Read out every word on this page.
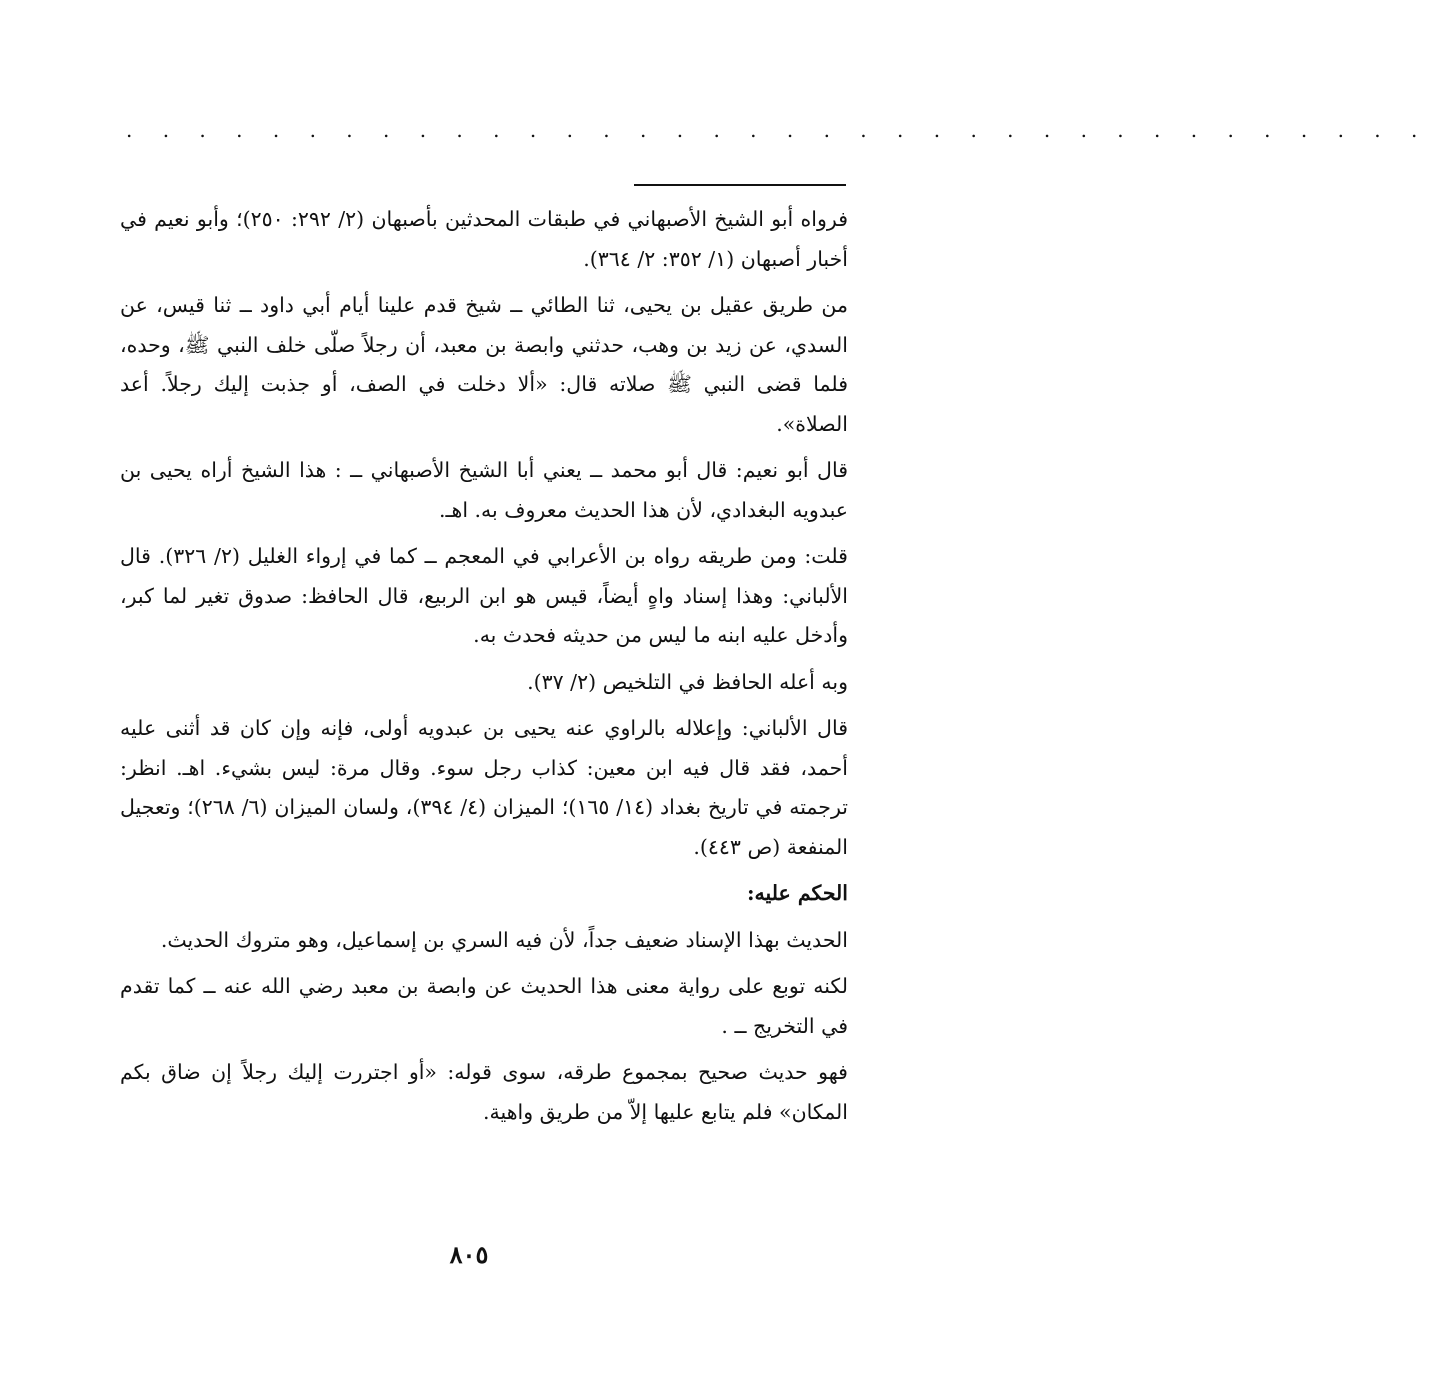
. . . . . . . . . . . . . . . . . . . . . . . . . . . . . . . . . . . .

فرواه أبو الشيخ الأصبهاني في طبقات المحدثين بأصبهان (٢/ ٢٩٢: ٢٥٠)؛ وأبو نعيم في أخبار أصبهان (١/ ٣٥٢: ٢/ ٣٦٤).

من طريق عقيل بن يحيى، ثنا الطائي ــ شيخ قدم علينا أيام أبي داود ــ ثنا قيس، عن السدي، عن زيد بن وهب، حدثني وابصة بن معبد، أن رجلاً صلّى خلف النبي ﷺ، وحده، فلما قضى النبي ﷺ صلاته قال: «ألا دخلت في الصف، أو جذبت إليك رجلاً. أعد الصلاة».

قال أبو نعيم: قال أبو محمد ــ يعني أبا الشيخ الأصبهاني ــ : هذا الشيخ أراه يحيى بن عبدويه البغدادي، لأن هذا الحديث معروف به. اهـ.

قلت: ومن طريقه رواه بن الأعرابي في المعجم ــ كما في إرواء الغليل (٢/ ٣٢٦). قال الألباني: وهذا إسناد واهٍ أيضاً، قيس هو ابن الربيع، قال الحافظ: صدوق تغير لما كبر، وأدخل عليه ابنه ما ليس من حديثه فحدث به.

وبه أعله الحافظ في التلخيص (٢/ ٣٧).

قال الألباني: وإعلاله بالراوي عنه يحيى بن عبدويه أولى، فإنه وإن كان قد أثنى عليه أحمد، فقد قال فيه ابن معين: كذاب رجل سوء. وقال مرة: ليس بشيء. اهـ. انظر: ترجمته في تاريخ بغداد (١٤/ ١٦٥)؛ الميزان (٤/ ٣٩٤)، ولسان الميزان (٦/ ٢٦٨)؛ وتعجيل المنفعة (ص ٤٤٣).

الحكم عليه:

الحديث بهذا الإسناد ضعيف جداً، لأن فيه السري بن إسماعيل، وهو متروك الحديث.

لكنه توبع على رواية معنى هذا الحديث عن وابصة بن معبد رضي الله عنه ــ كما تقدم في التخريج ــ .

فهو حديث صحيح بمجموع طرقه، سوى قوله: «أو اجتررت إليك رجلاً إن ضاق بكم المكان» فلم يتابع عليها إلاّ من طريق واهية.

٨٠٥
